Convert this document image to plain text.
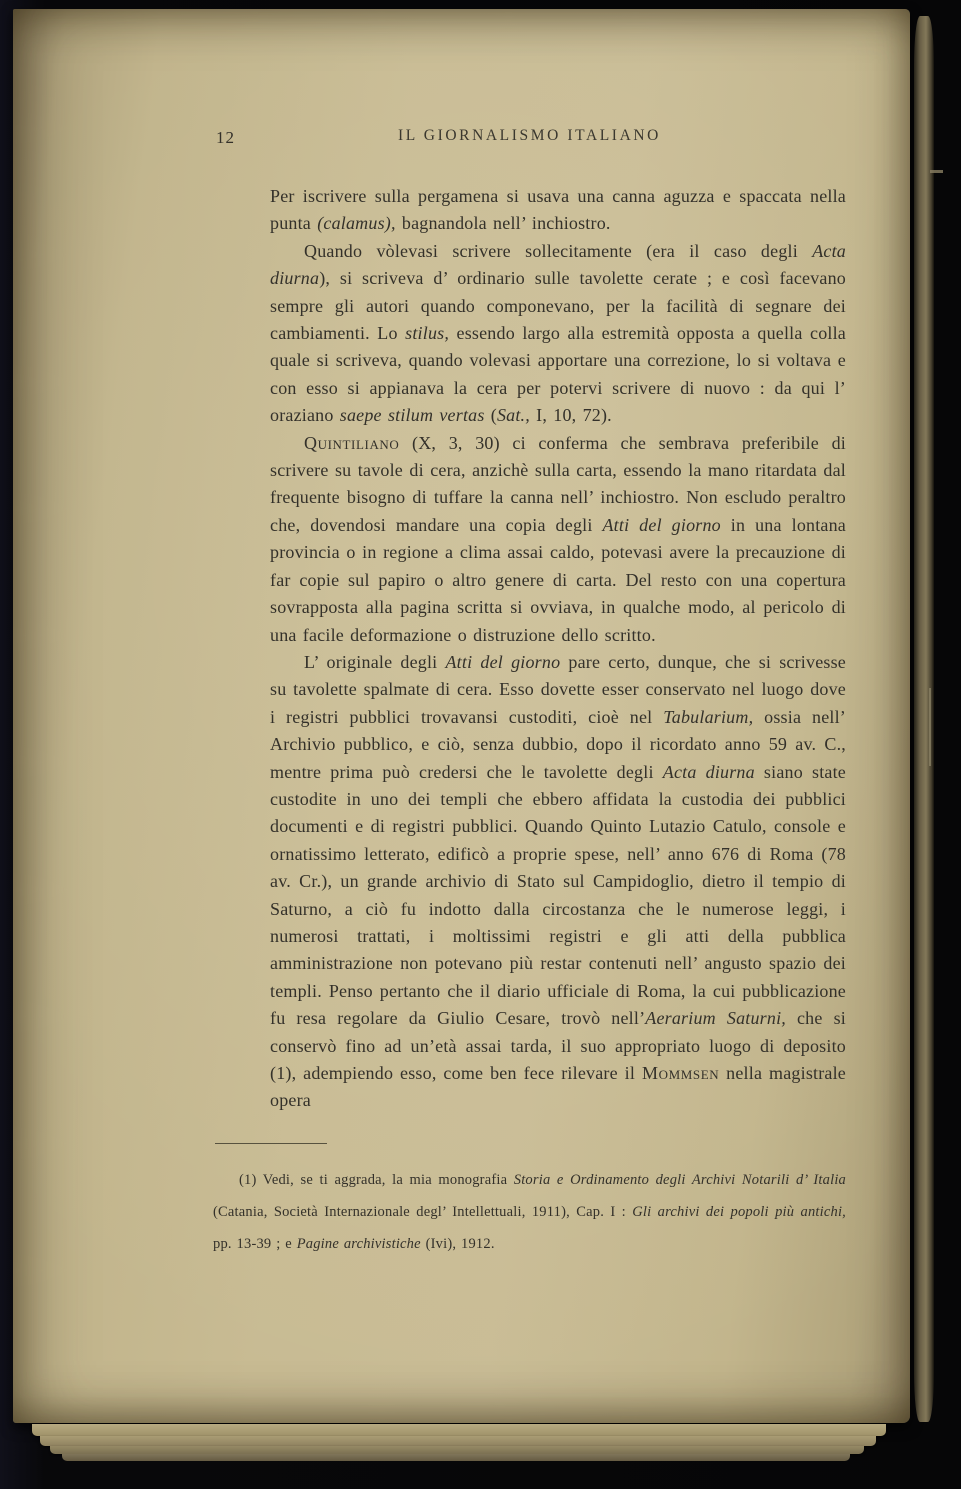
12	IL GIORNALISMO ITALIANO

Per iscrivere sulla pergamena si usava una canna aguzza e spaccata nella punta (calamus), bagnandola nell’ inchiostro.

Quando vòlevasi scrivere sollecitamente (era il caso degli Acta diurna), si scriveva d’ ordinario sulle tavolette cerate ; e così facevano sempre gli autori quando componevano, per la facilità di segnare dei cambiamenti. Lo stilus, essendo largo alla estremità opposta a quella colla quale si scriveva, quando volevasi apportare una correzione, lo si voltava e con esso si appianava la cera per potervi scrivere di nuovo : da qui l’ oraziano saepe stilum vertas (Sat., I, 10, 72).

Quintiliano (X, 3, 30) ci conferma che sembrava preferibile di scrivere su tavole di cera, anzichè sulla carta, essendo la mano ritardata dal frequente bisogno di tuffare la canna nell’ inchiostro. Non escludo peraltro che, dovendosi mandare una copia degli Atti del giorno in una lontana provincia o in regione a clima assai caldo, potevasi avere la precauzione di far copie sul papiro o altro genere di carta. Del resto con una copertura sovrapposta alla pagina scritta si ovviava, in qualche modo, al pericolo di una facile deformazione o distruzione dello scritto.

L’ originale degli Atti del giorno pare certo, dunque, che si scrivesse su tavolette spalmate di cera. Esso dovette esser conservato nel luogo dove i registri pubblici trovavansi custoditi, cioè nel Tabularium, ossia nell’ Archivio pubblico, e ciò, senza dubbio, dopo il ricordato anno 59 av. C., mentre prima può credersi che le tavolette degli Acta diurna siano state custodite in uno dei templi che ebbero affidata la custodia dei pubblici documenti e di registri pubblici. Quando Quinto Lutazio Catulo, console e ornatissimo letterato, edificò a proprie spese, nell’ anno 676 di Roma (78 av. Cr.), un grande archivio di Stato sul Campidoglio, dietro il tempio di Saturno, a ciò fu indotto dalla circostanza che le numerose leggi, i numerosi trattati, i moltissimi registri e gli atti della pubblica amministrazione non potevano più restar contenuti nell’ angusto spazio dei templi. Penso pertanto che il diario ufficiale di Roma, la cui pubblicazione fu resa regolare da Giulio Cesare, trovò nell’Aerarium Saturni, che si conservò fino ad un’età assai tarda, il suo appropriato luogo di deposito (1), adempiendo esso, come ben fece rilevare il Mommsen nella magistrale opera

(1) Vedi, se ti aggrada, la mia monografia Storia e Ordinamento degli Archivi Notarili d’ Italia (Catania, Società Internazionale degl’ Intellettuali, 1911), Cap. I : Gli archivi dei popoli più antichi, pp. 13-39 ; e Pagine archivistiche (Ivi), 1912.
